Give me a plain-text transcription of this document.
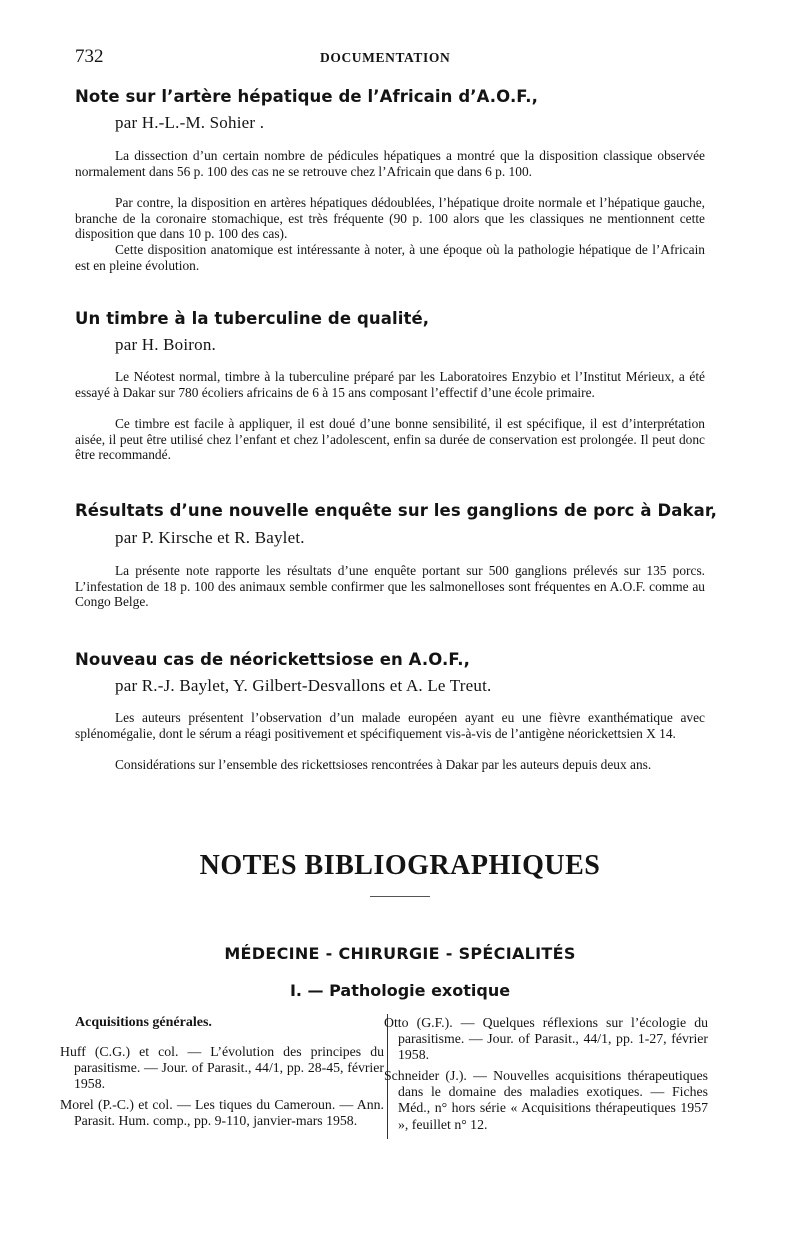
732	DOCUMENTATION
Note sur l’artère hépatique de l’Africain d’A.O.F.,
par H.-L.-M. Sohier .
La dissection d’un certain nombre de pédicules hépatiques a montré que la disposition classique observée normalement dans 56 p. 100 des cas ne se retrouve chez l’Africain que dans 6 p. 100.
Par contre, la disposition en artères hépatiques dédoublées, l’hépatique droite normale et l’hépatique gauche, branche de la coronaire stomachique, est très fréquente (90 p. 100 alors que les classiques ne mentionnent cette disposition que dans 10 p. 100 des cas).
Cette disposition anatomique est intéressante à noter, à une époque où la pathologie hépatique de l’Africain est en pleine évolution.
Un timbre à la tuberculine de qualité,
par H. Boiron.
Le Néotest normal, timbre à la tuberculine préparé par les Laboratoires Enzybio et l’Institut Mérieux, a été essayé à Dakar sur 780 écoliers africains de 6 à 15 ans composant l’effectif d’une école primaire.
Ce timbre est facile à appliquer, il est doué d’une bonne sensibilité, il est spécifique, il est d’interprétation aisée, il peut être utilisé chez l’enfant et chez l’adolescent, enfin sa durée de conservation est prolongée. Il peut donc être recommandé.
Résultats d’une nouvelle enquête sur les ganglions de porc à Dakar,
par P. Kirsche et R. Baylet.
La présente note rapporte les résultats d’une enquête portant sur 500 ganglions prélevés sur 135 porcs. L’infestation de 18 p. 100 des animaux semble confirmer que les salmonelloses sont fréquentes en A.O.F. comme au Congo Belge.
Nouveau cas de néorickettsiose en A.O.F.,
par R.-J. Baylet, Y. Gilbert-Desvallons et A. Le Treut.
Les auteurs présentent l’observation d’un malade européen ayant eu une fièvre exanthématique avec splénomégalie, dont le sérum a réagi positivement et spécifiquement vis-à-vis de l’antigène néorickettsien X 14.
Considérations sur l’ensemble des rickettsioses rencontrées à Dakar par les auteurs depuis deux ans.
NOTES BIBLIOGRAPHIQUES
MÉDECINE - CHIRURGIE - SPÉCIALITÉS
I. — Pathologie exotique
Acquisitions générales.
Huff (C.G.) et col. — L’évolution des principes du parasitisme. — Jour. of Parasit., 44/1, pp. 28-45, février 1958.
Morel (P.-C.) et col. — Les tiques du Cameroun. — Ann. Parasit. Hum. comp., pp. 9-110, janvier-mars 1958.
Otto (G.F.). — Quelques réflexions sur l’écologie du parasitisme. — Jour. of Parasit., 44/1, pp. 1-27, février 1958.
Schneider (J.). — Nouvelles acquisitions thérapeutiques dans le domaine des maladies exotiques. — Fiches Méd., n° hors série « Acquisitions thérapeutiques 1957 », feuillet n° 12.
